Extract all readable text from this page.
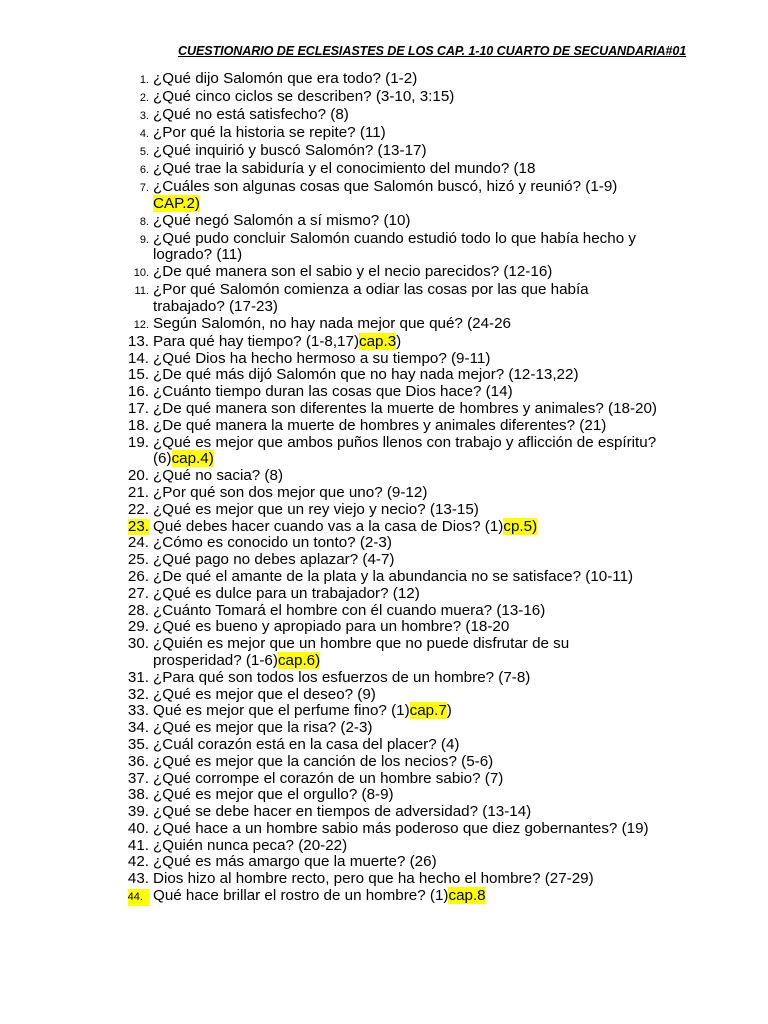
CUESTIONARIO DE ECLESIASTES DE LOS CAP. 1-10 CUARTO DE SECUANDARIA#01
1. ¿Qué dijo Salomón que era todo? (1-2)
2. ¿Qué cinco ciclos se describen? (3-10, 3:15)
3. ¿Qué no está satisfecho? (8)
4. ¿Por qué la historia se repite? (11)
5. ¿Qué inquirió y buscó Salomón? (13-17)
6. ¿Qué trae la sabiduría y el conocimiento del mundo? (18
7. ¿Cuáles son algunas cosas que Salomón buscó, hizó y reunió? (1-9) CAP.2)
8. ¿Qué negó Salomón a sí mismo? (10)
9. ¿Qué pudo concluir Salomón cuando estudió todo lo que había hecho y logrado? (11)
10. ¿De qué manera son el sabio y el necio parecidos? (12-16)
11. ¿Por qué Salomón comienza a odiar las cosas por las que había trabajado? (17-23)
12. Según Salomón, no hay nada mejor que qué? (24-26
13. Para qué hay tiempo? (1-8,17)cap.3)
14. ¿Qué Dios ha hecho hermoso a su tiempo? (9-11)
15. ¿De qué más dijó Salomón que no hay nada mejor? (12-13,22)
16. ¿Cuánto tiempo duran las cosas que Dios hace? (14)
17. ¿De qué manera son diferentes la muerte de hombres y animales? (18-20)
18. ¿De qué manera la muerte de hombres y animales diferentes? (21)
19. ¿Qué es mejor que ambos puños llenos con trabajo y aflicción de espíritu? (6)cap.4)
20. ¿Qué no sacia? (8)
21. ¿Por qué son dos mejor que uno? (9-12)
22. ¿Qué es mejor que un rey viejo y necio? (13-15)
23. Qué debes hacer cuando vas a la casa de Dios? (1)cp.5)
24. ¿Cómo es conocido un tonto? (2-3)
25. ¿Qué pago no debes aplazar? (4-7)
26. ¿De qué el amante de la plata y la abundancia no se satisface? (10-11)
27. ¿Qué es dulce para un trabajador? (12)
28. ¿Cuánto Tomará el hombre con él cuando muera? (13-16)
29. ¿Qué es bueno y apropiado para un hombre? (18-20
30. ¿Quién es mejor que un hombre que no puede disfrutar de su prosperidad? (1-6)cap.6)
31. ¿Para qué son todos los esfuerzos de un hombre? (7-8)
32. ¿Qué es mejor que el deseo? (9)
33. Qué es mejor que el perfume fino? (1)cap.7)
34. ¿Qué es mejor que la risa? (2-3)
35. ¿Cuál corazón está en la casa del placer? (4)
36. ¿Qué es mejor que la canción de los necios? (5-6)
37. ¿Qué corrompe el corazón de un hombre sabio? (7)
38. ¿Qué es mejor que el orgullo? (8-9)
39. ¿Qué se debe hacer en tiempos de adversidad? (13-14)
40. ¿Qué hace a un hombre sabio más poderoso que diez gobernantes? (19)
41. ¿Quién nunca peca? (20-22)
42. ¿Qué es más amargo que la muerte? (26)
43. Dios hizo al hombre recto, pero que ha hecho el hombre? (27-29)
44. Qué hace brillar el rostro de un hombre? (1)cap.8
